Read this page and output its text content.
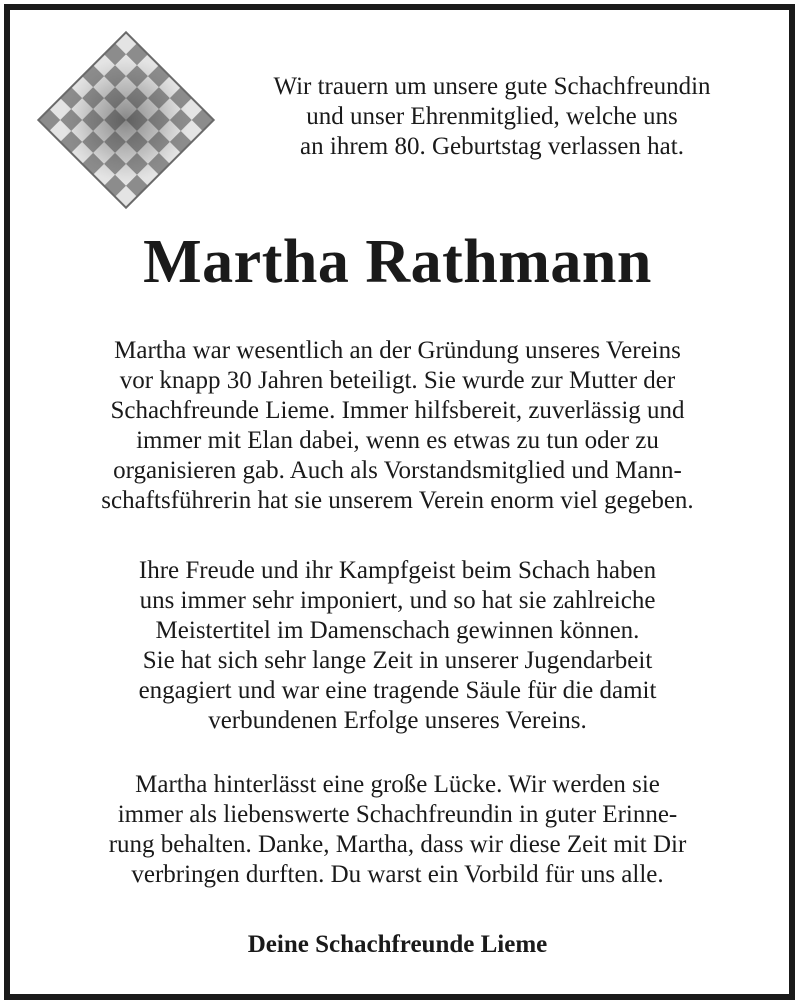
Wir trauern um unsere gute Schachfreundin
und unser Ehrenmitglied, welche uns
an ihrem 80. Geburtstag verlassen hat.
Martha Rathmann
Martha war wesentlich an der Gründung unseres Vereins
vor knapp 30 Jahren beteiligt. Sie wurde zur Mutter der
Schachfreunde Lieme. Immer hilfsbereit, zuverlässig und
immer mit Elan dabei, wenn es etwas zu tun oder zu
organisieren gab. Auch als Vorstandsmitglied und Mann-
schaftsführerin hat sie unserem Verein enorm viel gegeben.
Ihre Freude und ihr Kampfgeist beim Schach haben
uns immer sehr imponiert, und so hat sie zahlreiche
Meistertitel im Damenschach gewinnen können.
Sie hat sich sehr lange Zeit in unserer Jugendarbeit
engagiert und war eine tragende Säule für die damit
verbundenen Erfolge unseres Vereins.
Martha hinterlässt eine große Lücke. Wir werden sie
immer als liebenswerte Schachfreundin in guter Erinne-
rung behalten. Danke, Martha, dass wir diese Zeit mit Dir
verbringen durften. Du warst ein Vorbild für uns alle.
Deine Schachfreunde Lieme
